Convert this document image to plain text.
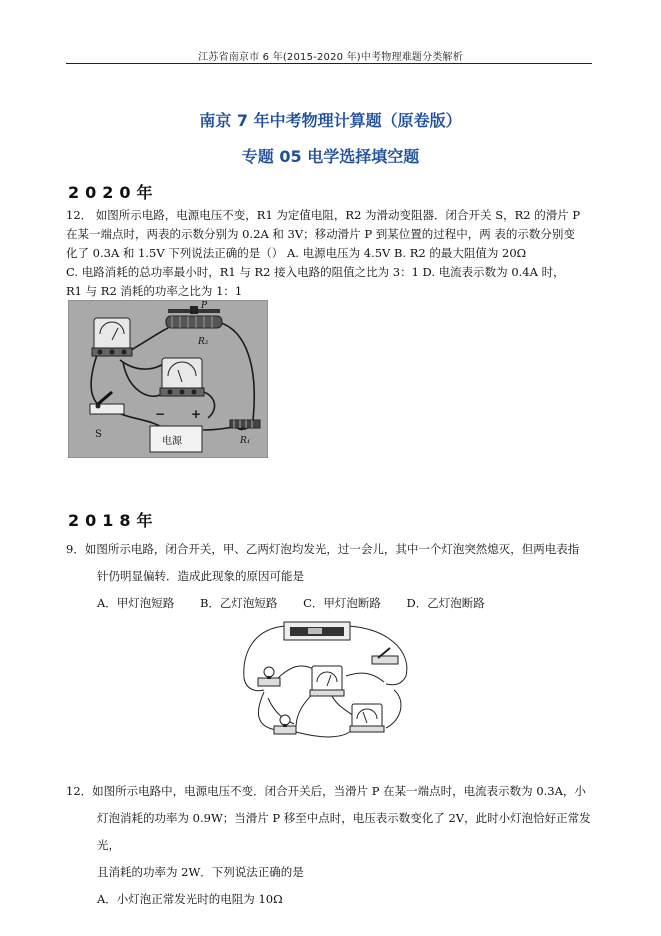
江苏省南京市 6 年(2015-2020 年)中考物理难题分类解析
南京 7 年中考物理计算题（原卷版）
专题 05 电学选择填空题
2020年

12． 如图所示电路，电源电压不变，R1 为定值电阻，R2 为滑动变阻器．闭合开关 S，R2 的滑片 P

在某一端点时，两表的示数分别为 0.2A 和 3V；移动滑片 P 到某位置的过程中，两 表的示数分别变

化了 0.3A 和 1.5V 下列说法正确的是（） A. 电源电压为 4.5V B. R2 的最大阻值为 20Ω

C. 电路消耗的总功率最小时，R1 与 R2 接入电路的阻值之比为 3：1 D. 电流表示数为 0.4A 时，

R1 与 R2 消耗的功率之比为 1：1

P
R₂
S
− +
电源	R₁
2018年

9．如图所示电路，闭合开关，甲、乙两灯泡均发光，过一会儿，其中一个灯泡突然熄灭，但两电表指

针仍明显偏转．造成此现象的原因可能是

A．甲灯泡短路 B．乙灯泡短路 C．甲灯泡断路 D．乙灯泡断路

12．如图所示电路中，电源电压不变．闭合开关后，当滑片 P 在某一端点时，电流表示数为 0.3A，小

灯泡消耗的功率为 0.9W；当滑片 P 移至中点时，电压表示数变化了 2V，此时小灯泡恰好正常发光，

且消耗的功率为 2W．下列说法正确的是

A．小灯泡正常发光时的电阻为 10Ω
